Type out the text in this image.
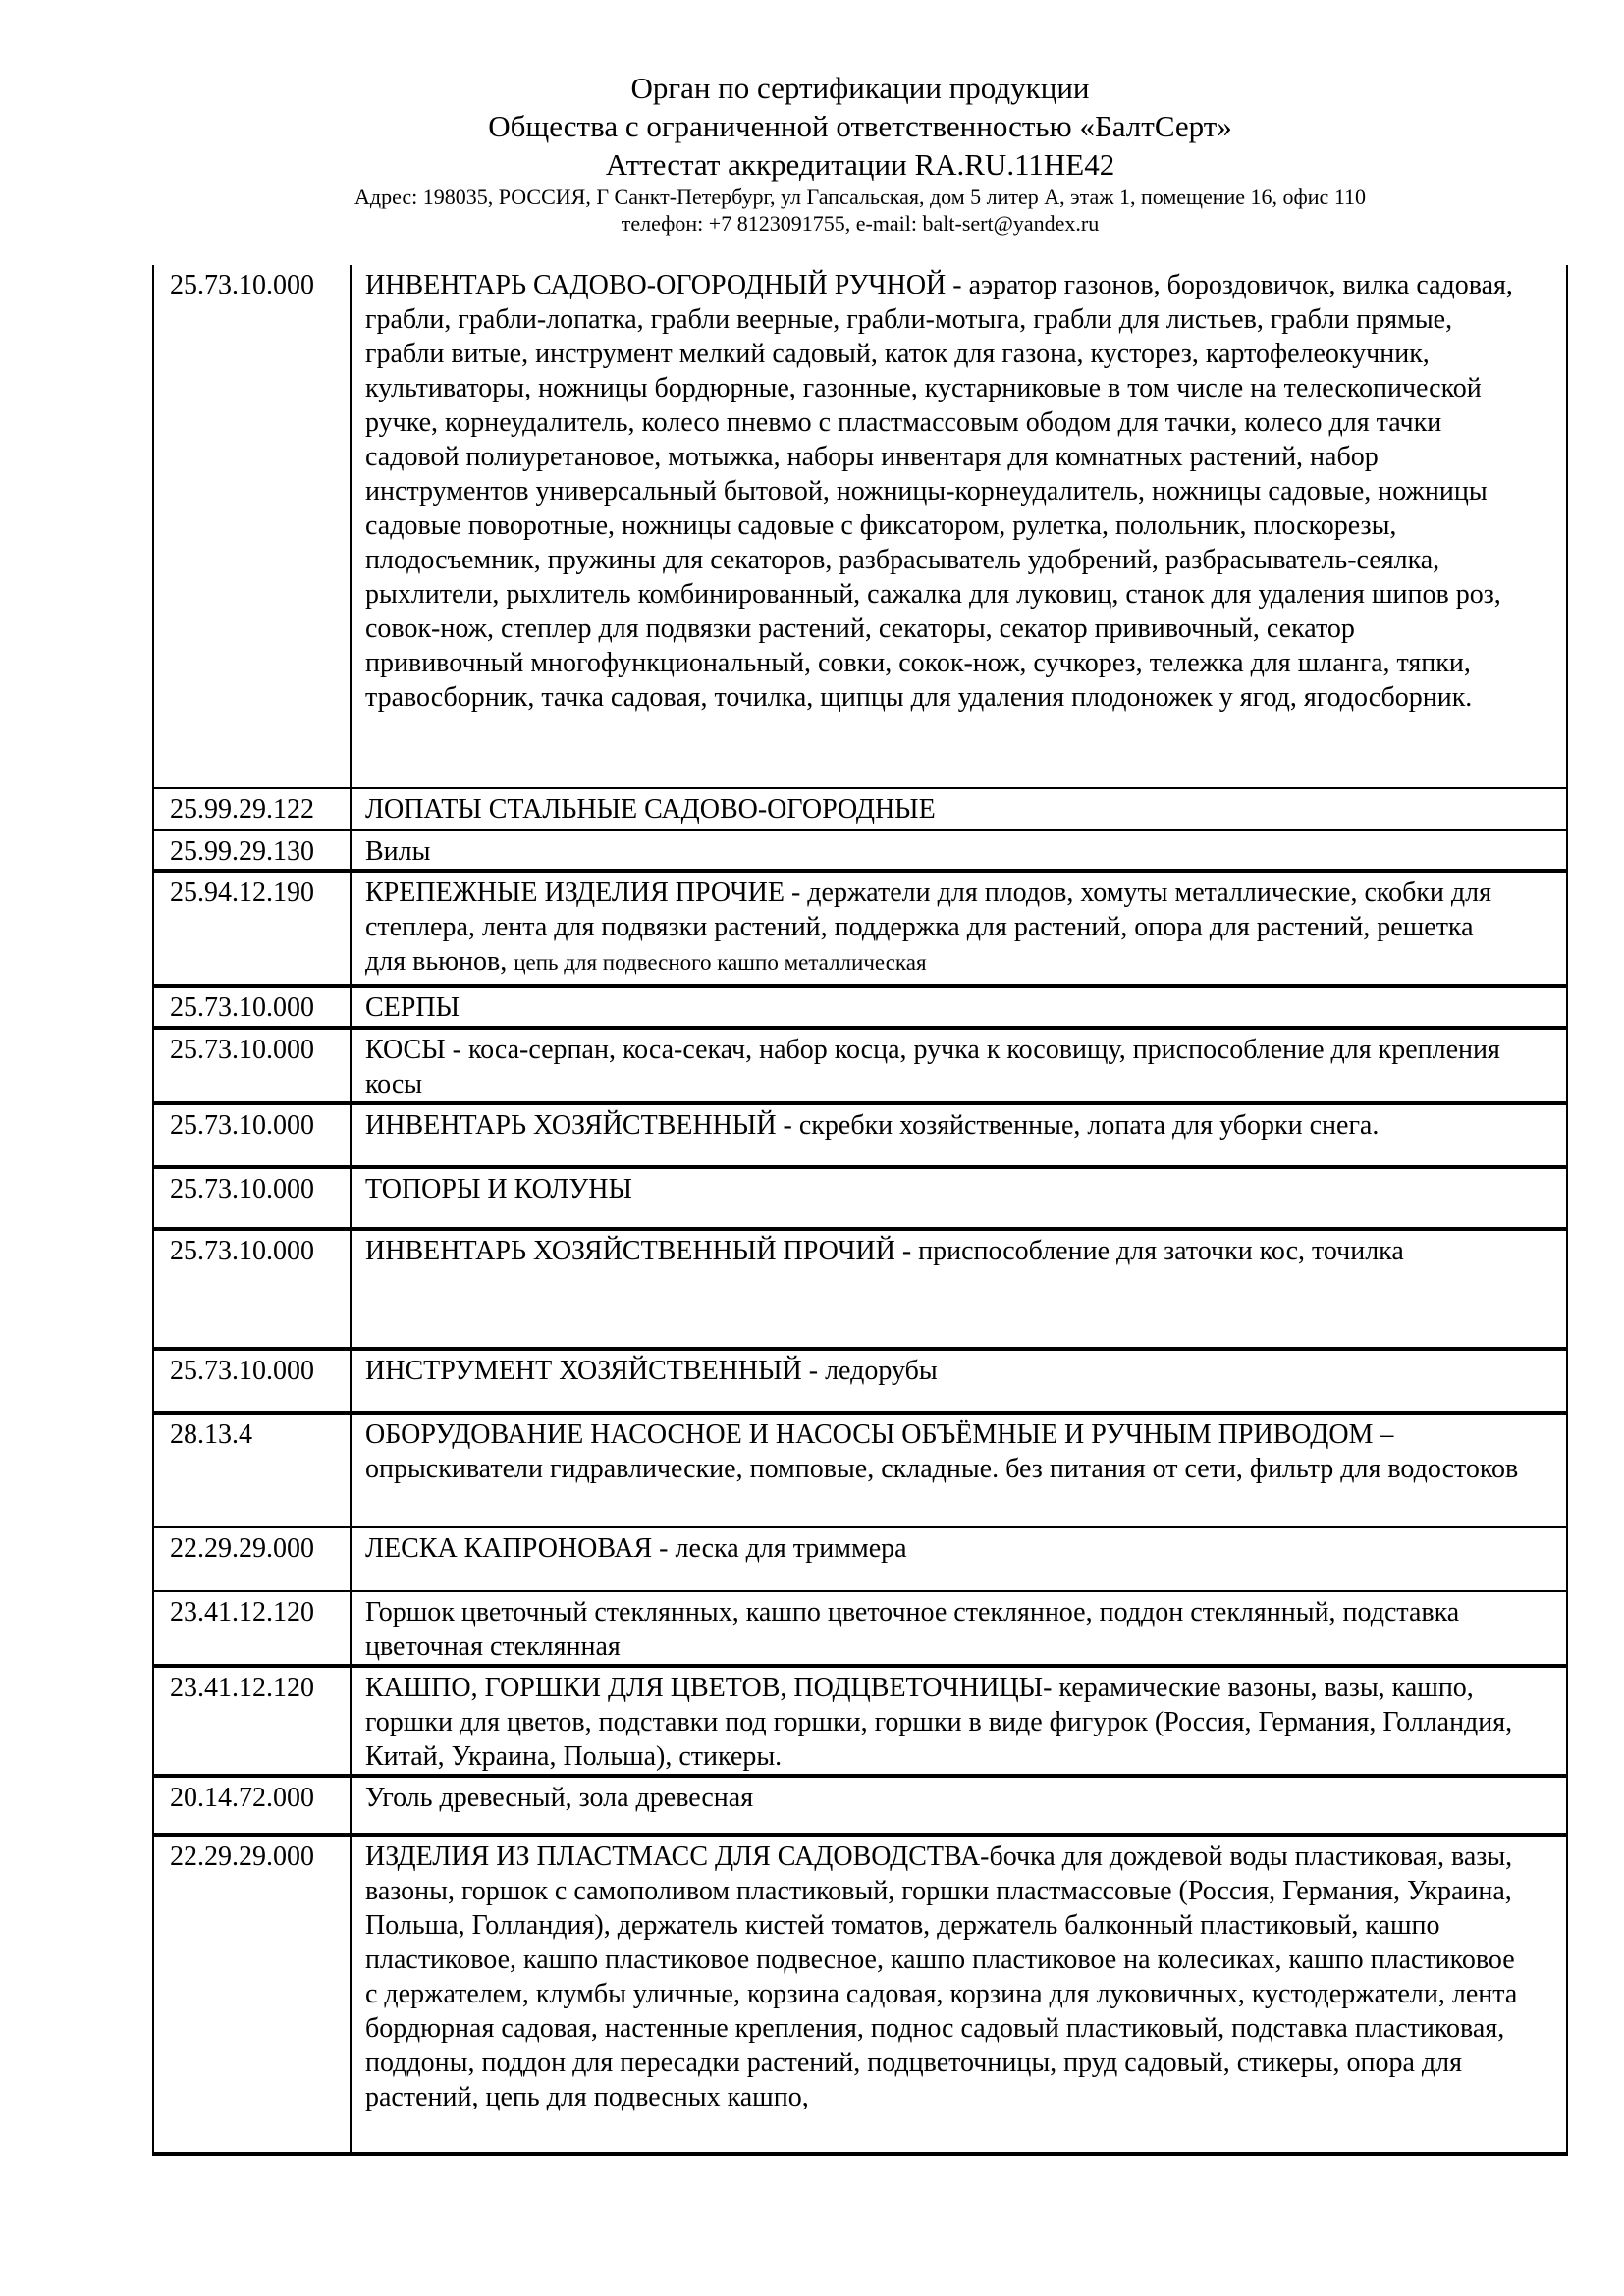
Орган по сертификации продукции
Общества с ограниченной ответственностью «БалтСерт»
Аттестат аккредитации RA.RU.11HE42
Адрес: 198035, РОССИЯ, Г Санкт-Петербург, ул Гапсальская, дом 5 литер А, этаж 1, помещение 16, офис 110
телефон: +7 8123091755, e-mail: balt-sert@yandex.ru
25.73.10.000	ИНВЕНТАРЬ САДОВО-ОГОРОДНЫЙ РУЧНОЙ - аэратор газонов, бороздовичок, вилка садовая, грабли, грабли-лопатка, грабли веерные, грабли-мотыга, грабли для листьев, грабли прямые, грабли витые, инструмент мелкий садовый, каток для газона, кусторез, картофелеокучник, культиваторы, ножницы бордюрные, газонные, кустарниковые в том числе на телескопической ручке, корнеудалитель, колесо пневмо с пластмассовым ободом для тачки, колесо для тачки садовой полиуретановое, мотыжка, наборы инвентаря для комнатных растений, набор инструментов универсальный бытовой, ножницы-корнеудалитель, ножницы садовые, ножницы садовые поворотные, ножницы садовые с фиксатором, рулетка, полольник, плоскорезы, плодосъемник, пружины для секаторов, разбрасыватель удобрений, разбрасыватель-сеялка, рыхлители, рыхлитель комбинированный, сажалка для луковиц, станок для удаления шипов роз, совок-нож, степлер для подвязки растений, секаторы, секатор прививочный, секатор прививочный многофункциональный, совки, сокок-нож, сучкорез, тележка для шланга, тяпки, травосборник, тачка садовая, точилка, щипцы для удаления плодоножек у ягод, ягодосборник.
25.99.29.122	ЛОПАТЫ СТАЛЬНЫЕ САДОВО-ОГОРОДНЫЕ
25.99.29.130	Вилы
25.94.12.190	КРЕПЕЖНЫЕ ИЗДЕЛИЯ ПРОЧИЕ - держатели для плодов, хомуты металлические, скобки для степлера, лента для подвязки растений, поддержка для растений, опора для растений, решетка для вьюнов, цепь для подвесного кашпо металлическая
25.73.10.000	СЕРПЫ
25.73.10.000	КОСЫ - коса-серпан, коса-секач, набор косца, ручка к косовищу, приспособление для крепления косы
25.73.10.000	ИНВЕНТАРЬ ХОЗЯЙСТВЕННЫЙ - скребки хозяйственные, лопата для уборки снега.
25.73.10.000	ТОПОРЫ И КОЛУНЫ
25.73.10.000	ИНВЕНТАРЬ ХОЗЯЙСТВЕННЫЙ ПРОЧИЙ - приспособление для заточки кос, точилка
25.73.10.000	ИНСТРУМЕНТ ХОЗЯЙСТВЕННЫЙ - ледорубы
28.13.4	ОБОРУДОВАНИЕ НАСОСНОЕ И НАСОСЫ ОБЪЁМНЫЕ И РУЧНЫМ ПРИВОДОМ – опрыскиватели гидравлические, помповые, складные. без питания от сети, фильтр для водостоков
22.29.29.000	ЛЕСКА КАПРОНОВАЯ - леска для триммера
23.41.12.120	Горшок цветочный стеклянных, кашпо цветочное стеклянное, поддон стеклянный, подставка цветочная стеклянная
23.41.12.120	КАШПО, ГОРШКИ ДЛЯ ЦВЕТОВ, ПОДЦВЕТОЧНИЦЫ- керамические вазоны, вазы, кашпо, горшки для цветов, подставки под горшки, горшки в виде фигурок (Россия, Германия, Голландия, Китай, Украина, Польша), стикеры.
20.14.72.000	Уголь древесный, зола древесная
22.29.29.000	ИЗДЕЛИЯ ИЗ ПЛАСТМАСС ДЛЯ САДОВОДСТВА-бочка для дождевой воды пластиковая, вазы, вазоны, горшок с самополивом пластиковый, горшки пластмассовые (Россия, Германия, Украина, Польша, Голландия), держатель кистей томатов, держатель балконный пластиковый, кашпо пластиковое, кашпо пластиковое подвесное, кашпо пластиковое на колесиках, кашпо пластиковое с держателем, клумбы уличные, корзина садовая, корзина для луковичных, кустодержатели, лента бордюрная садовая, настенные крепления, поднос садовый пластиковый, подставка пластиковая, поддоны, поддон для пересадки растений, подцветочницы, пруд садовый, стикеры, опора для растений, цепь для подвесных кашпо,
